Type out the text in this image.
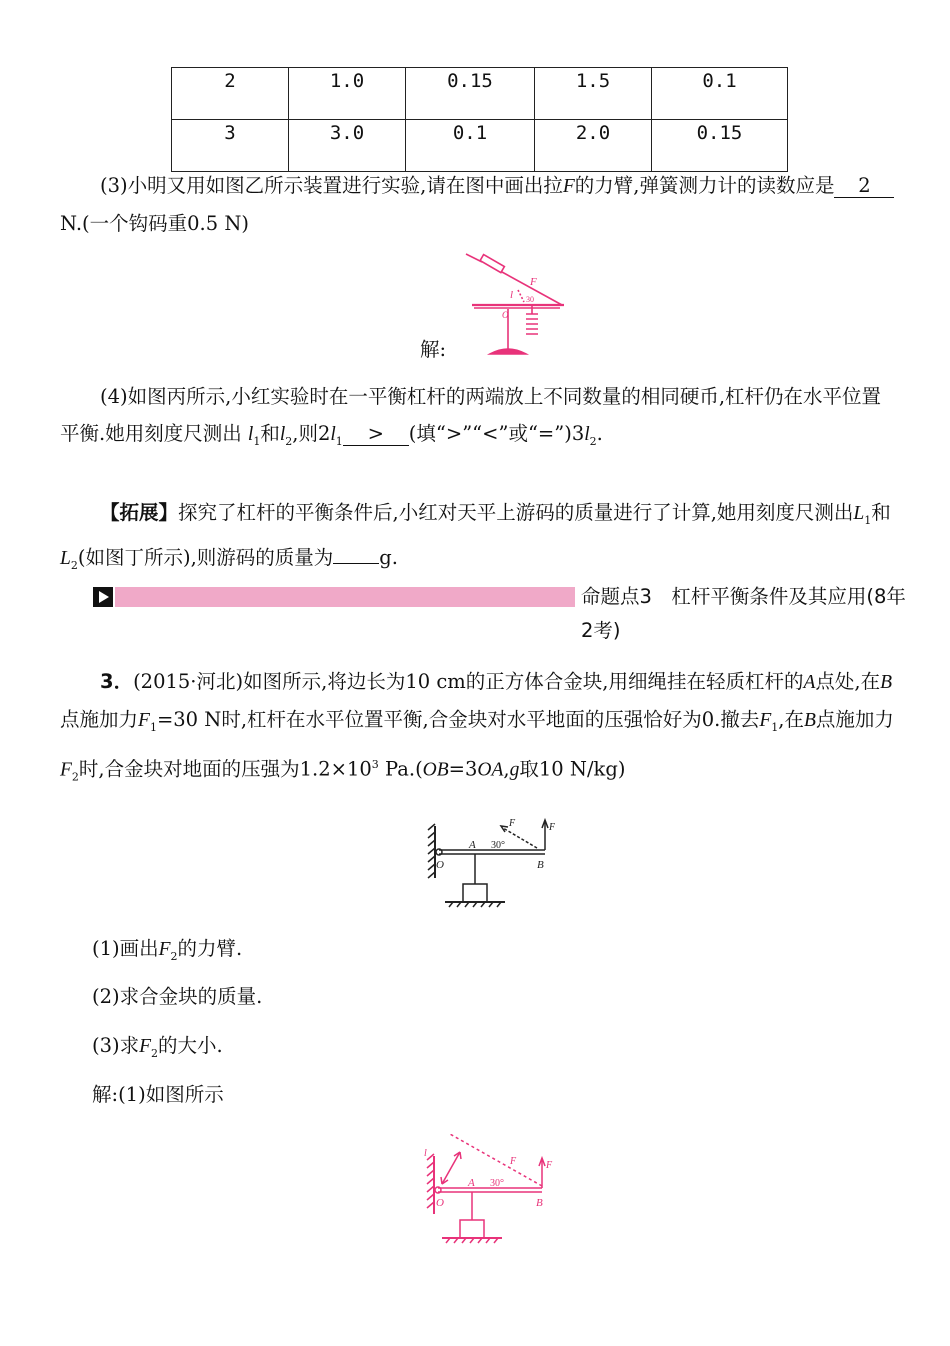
2	1.0	0.15	1.5	0.1
3	3.0	0.1	2.0	0.15

(3)小明又用如图乙所示装置进行实验,请在图中画出拉F的力臂,弹簧测力计的读数应是 2N.(一个钩码重0.5 N)

F
l 30
O
解:

(4)如图丙所示,小红实验时在一平衡杠杆的两端放上不同数量的相同硬币,杠杆仍在水平位置平衡.她用刻度尺测出 $l_1$和$l_2$,则$2l_1$ > (填“>”“<”或“$=”)3l_2$.

【拓展】探究了杠杆的平衡条件后,小红对天平上游码的质量进行了计算,她用刻度尺测出$L_1$和$L_2$(如图丁所示),则游码的质量为 g.

命题点3　杠杆平衡条件及其应用(8年2考)

3．(2015·河北)如图所示,将边长为10 cm的正方体合金块,用细绳挂在轻质杠杆的A点处,在B点施加力$F_1=30$ N时,杠杆在水平位置平衡,合金块对水平地面的压强恰好为0.撤去$F_1$,在B点施加力$F_2$时,合金块对地面的压强为$1.2\times 10^3$ Pa.(OB=3OA,g取10 N/kg)

F
F
A 30°
O	B

(1)画出$F_2$的力臂.

(2)求合金块的质量.

(3)求$F_2$的大小.

解:(1)如图所示

l
F	F
A 30°
O	B
